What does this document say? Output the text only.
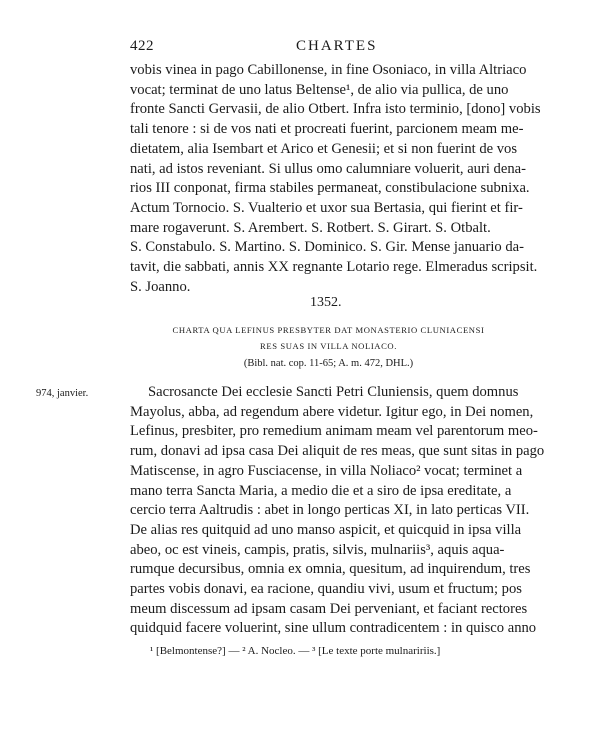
422	CHARTES
vobis vinea in pago Cabillonense, in fine Osoniaco, in villa Altriaco
vocat; terminat de uno latus Beltense¹, de alio via pullica, de uno
fronte Sancti Gervasii, de alio Otbert. Infra isto terminio, [dono] vobis
tali tenore : si de vos nati et procreati fuerint, parcionem meam me-
dietatem, alia Isembart et Arico et Genesii; et si non fuerint de vos
nati, ad istos reveniant. Si ullus omo calumniare voluerit, auri dena-
rios III conponat, firma stabiles permaneat, constibulacione subnixa.
Actum Tornocio. S. Vualterio et uxor sua Bertasia, qui fierint et fir-
mare rogaverunt. S. Arembert. S. Rotbert. S. Girart. S. Otbalt.
S. Constabulo. S. Martino. S. Dominico. S. Gir. Mense januario da-
tavit, die sabbati, annis XX regnante Lotario rege. Elmeradus scripsit.
S. Joanno.
1352.
CHARTA QUA LEFINUS PRESBYTER DAT MONASTERIO CLUNIACENSI
RES SUAS IN VILLA NOLIACO.
(Bibl. nat. cop. 11-65; A. m. 472, DHL.)
974, janvier.	Sacrosancte Dei ecclesie Sancti Petri Cluniensis, quem domnus
Mayolus, abba, ad regendum abere videtur. Igitur ego, in Dei nomen,
Lefinus, presbiter, pro remedium animam meam vel parentorum meo-
rum, donavi ad ipsa casa Dei aliquit de res meas, que sunt sitas in pago
Matiscense, in agro Fusciacense, in villa Noliaco² vocat; terminet a
mano terra Sancta Maria, a medio die et a siro de ipsa ereditate, a
cercio terra Aaltrudis : abet in longo perticas XI, in lato perticas VII.
De alias res quitquid ad uno manso aspicit, et quicquid in ipsa villa
abeo, oc est vineis, campis, pratis, silvis, mulnariis³, aquis aqua-
rumque decursibus, omnia ex omnia, quesitum, ad inquirendum, tres
partes vobis donavi, ea racione, quandiu vivi, usum et fructum; pos
meum discessum ad ipsam casam Dei perveniant, et faciant rectores
quidquid facere voluerint, sine ullum contradicentem : in quisco anno
¹ [Belmontense?] — ² A. Nocleo. — ³ [Le texte porte mulnaririis.]
